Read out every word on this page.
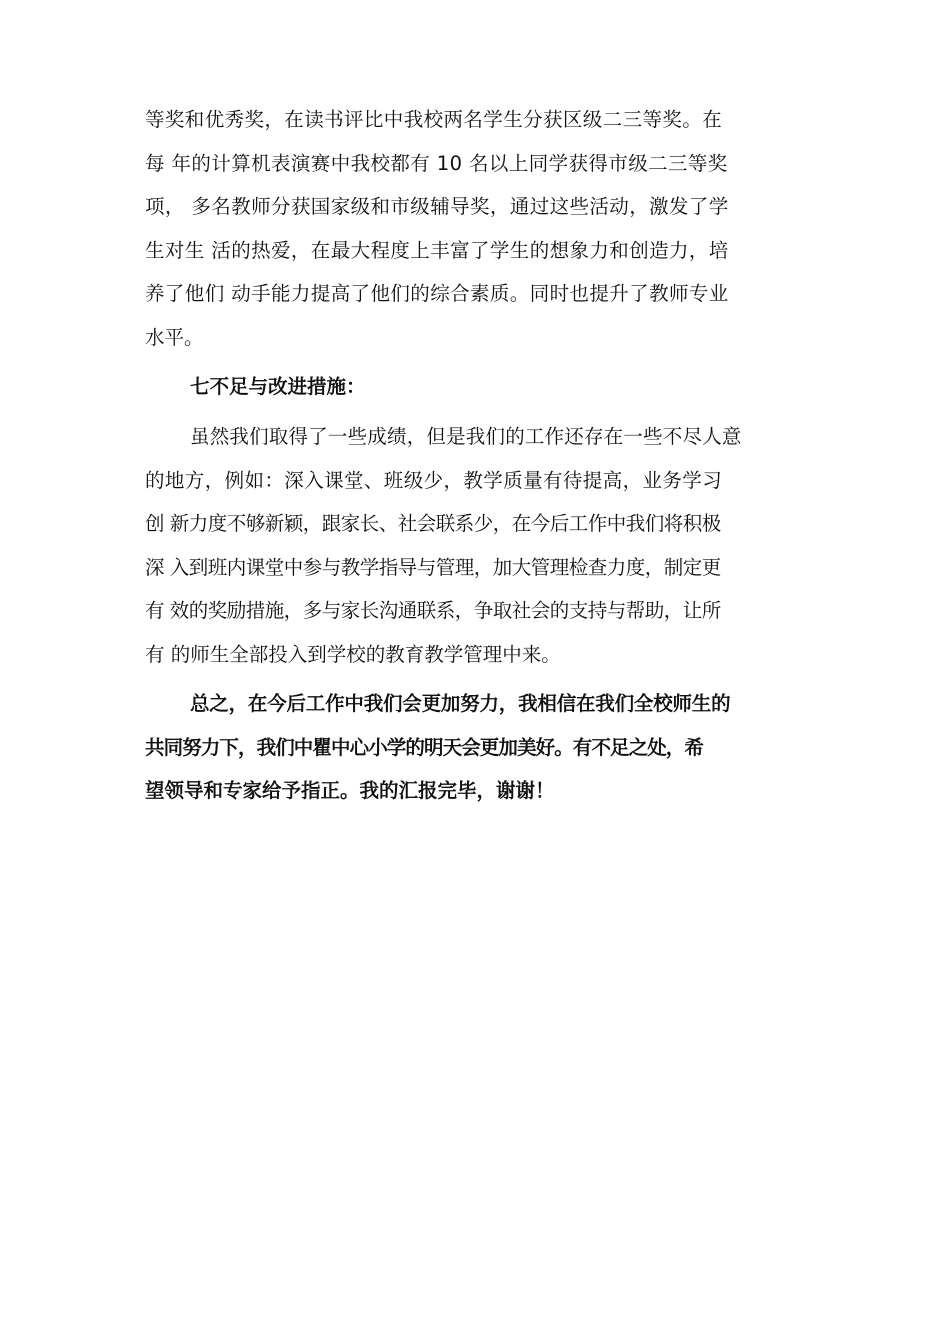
等奖和优秀奖，在读书评比中我校两名学生分获区级二三等奖。在
每 年的计算机表演赛中我校都有 10 名以上同学获得市级二三等奖
项， 多名教师分获国家级和市级辅导奖，通过这些活动，激发了学
生对生 活的热爱，在最大程度上丰富了学生的想象力和创造力，培
养了他们 动手能力提高了他们的综合素质。同时也提升了教师专业
水平。
七不足与改进措施：
虽然我们取得了一些成绩，但是我们的工作还存在一些不尽人意
的地方，例如：深入课堂、班级少，教学质量有待提高，业务学习
创 新力度不够新颖，跟家长、社会联系少，在今后工作中我们将积极
深 入到班内课堂中参与教学指导与管理，加大管理检查力度，制定更
有 效的奖励措施，多与家长沟通联系，争取社会的支持与帮助，让所
有 的师生全部投入到学校的教育教学管理中来。
总之，在今后工作中我们会更加努力，我相信在我们全校师生的
共同努力下，我们中瞿中心小学的明天会更加美好。有不足之处，希
望领导和专家给予指正。我的汇报完毕，谢谢！
